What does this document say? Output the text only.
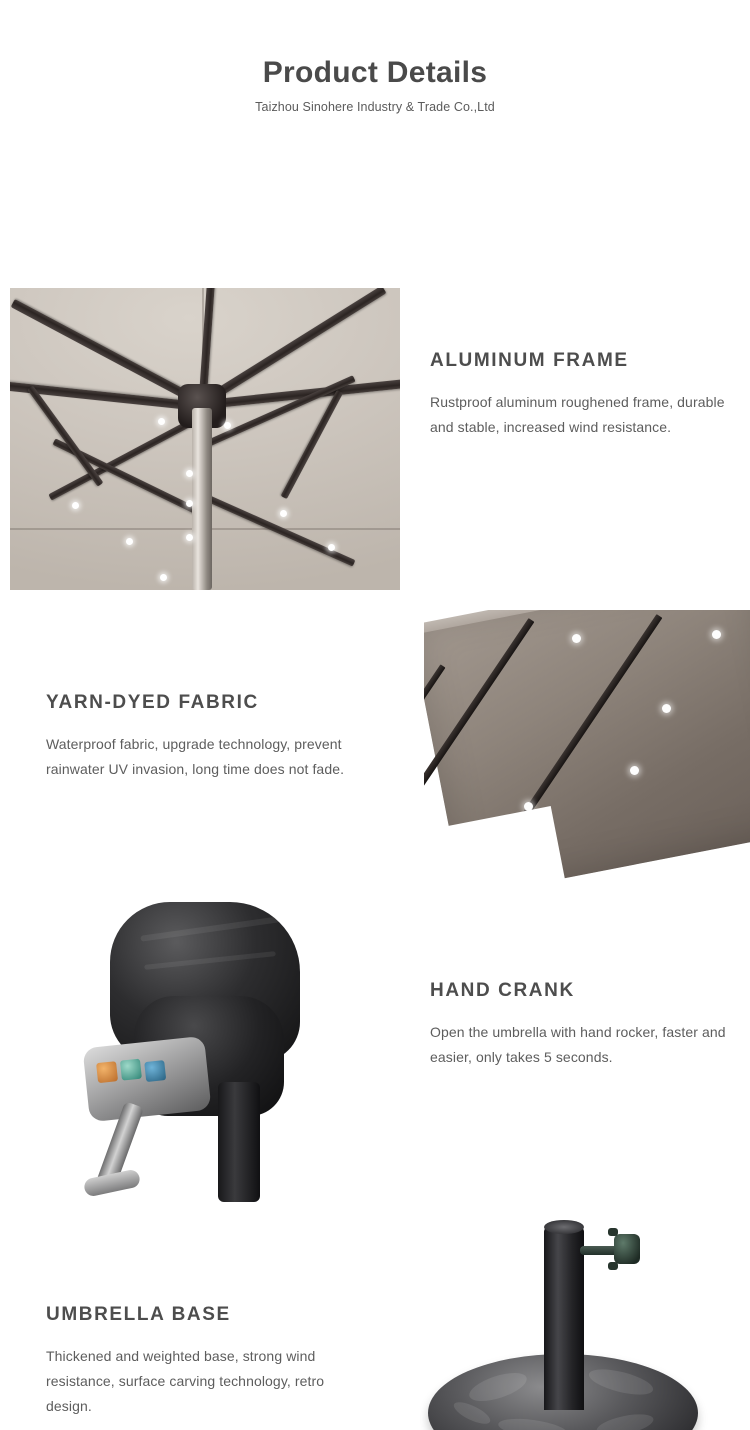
Product Details
Taizhou Sinohere Industry & Trade Co.,Ltd
ALUMINUM FRAME
Rustproof aluminum roughened frame, durable and stable, increased wind resistance.
YARN-DYED FABRIC
Waterproof fabric, upgrade technology, prevent rainwater UV invasion, long time does not fade.
HAND CRANK
Open the umbrella with hand rocker, faster and easier, only takes 5 seconds.
UMBRELLA BASE
Thickened and weighted base, strong wind resistance, surface carving technology, retro design.
